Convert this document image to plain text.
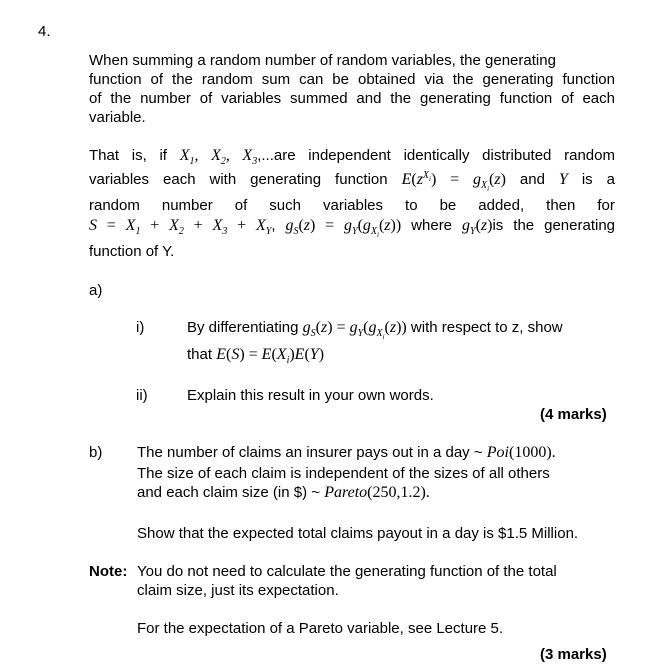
4.
When summing a random number of random variables, the generating
function of the random sum can be obtained via the generating function
of the number of variables summed and the generating function of each
variable.
That is, if $X_1$, $X_2$, $X_3,...are$ independent identically distributed random
variables each with generating function $E(z^{X_i}) = g_{X_i}(z)$ and Y is a
random number of such variables to be added, then for
$S = X_1 + X_2 + X_3 + X_Y$, $g_S(z) = g_Y(g_{X_i}(z))$ where $g_Y(z)is$ the generating
function of Y.
a)
i)	By differentiating $g_S(z) = g_Y(g_{X_i}(z))$ with respect to z, show
that $E(S) = E(X_i)E(Y)$
ii)	Explain this result in your own words.
(4 marks)
b) The number of claims an insurer pays out in a day ~ Poi(1000).
The size of each claim is independent of the sizes of all others
and each claim size (in $) ~ Pareto(250,1.2).
Show that the expected total claims payout in a day is $1.5 Million.
Note: You do not need to calculate the generating function of the total
claim size, just its expectation.
For the expectation of a Pareto variable, see Lecture 5.
(3 marks)
